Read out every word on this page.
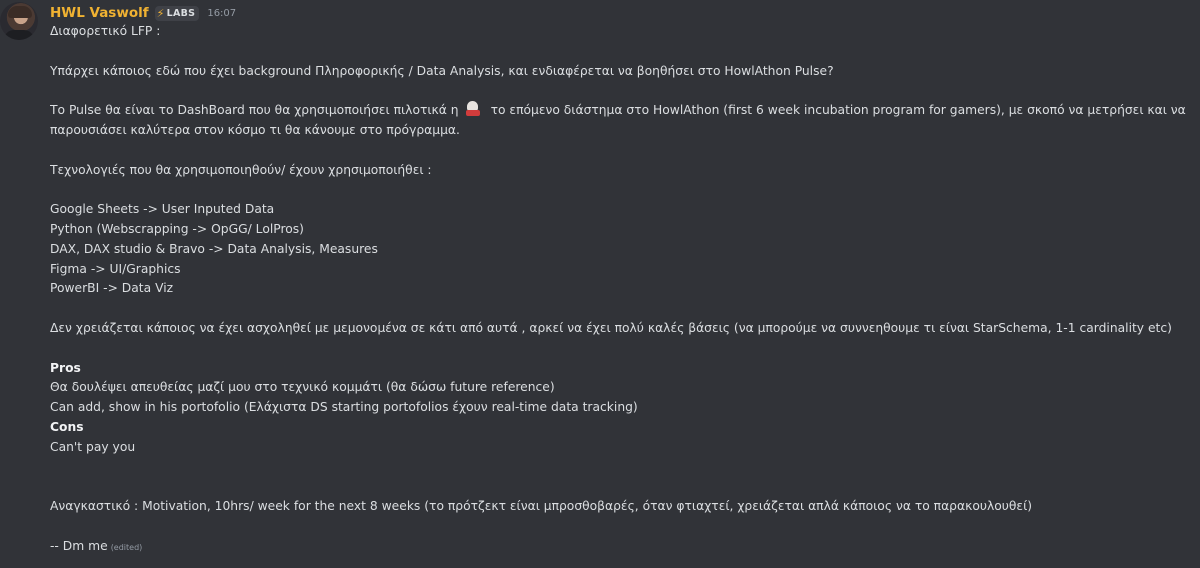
HWL Vaswolf ⚡ LABS 16:07
Διαφορετικό LFP :
Υπάρχει κάποιος εδώ που έχει background Πληροφορικής / Data Analysis, και ενδιαφέρεται να βοηθήσει στο HowlAthon Pulse?
Το Pulse θα είναι το DashBoard που θα χρησιμοποιήσει πιλοτικά η	το επόμενο διάστημα στο HowlAthon (first 6 week incubation program for gamers), με σκοπό να μετρήσει και να
παρουσιάσει καλύτερα στον κόσμο τι θα κάνουμε στο πρόγραμμα.
Τεχνολογιές που θα χρησιμοποιηθούν/ έχουν χρησιμοποιήθει :
Google Sheets -> User Inputed Data
Python (Webscrapping -> OpGG/ LolPros)
DAX, DAX studio & Bravo -> Data Analysis, Measures
Figma -> UI/Graphics
PowerBI -> Data Viz
Δεν χρειάζεται κάποιος να έχει ασχοληθεί με μεμονομένα σε κάτι από αυτά , αρκεί να έχει πολύ καλές βάσεις (να μπορούμε να συννεηθουμε τι είναι StarSchema, 1-1 cardinality etc)
Pros
Θα δουλέψει απευθείας μαζί μου στο τεχνικό κομμάτι (θα δώσω future reference)
Can add, show in his portofolio (Ελάχιστα DS starting portofolios έχουν real-time data tracking)
Cons
Can't pay you
Αναγκαστικό : Motivation, 10hrs/ week for the next 8 weeks (το πρότζεκτ είναι μπροσθοβαρές, όταν φτιαχτεί, χρειάζεται απλά κάποιος να το παρακουλουθεί)
-- Dm me (edited)
